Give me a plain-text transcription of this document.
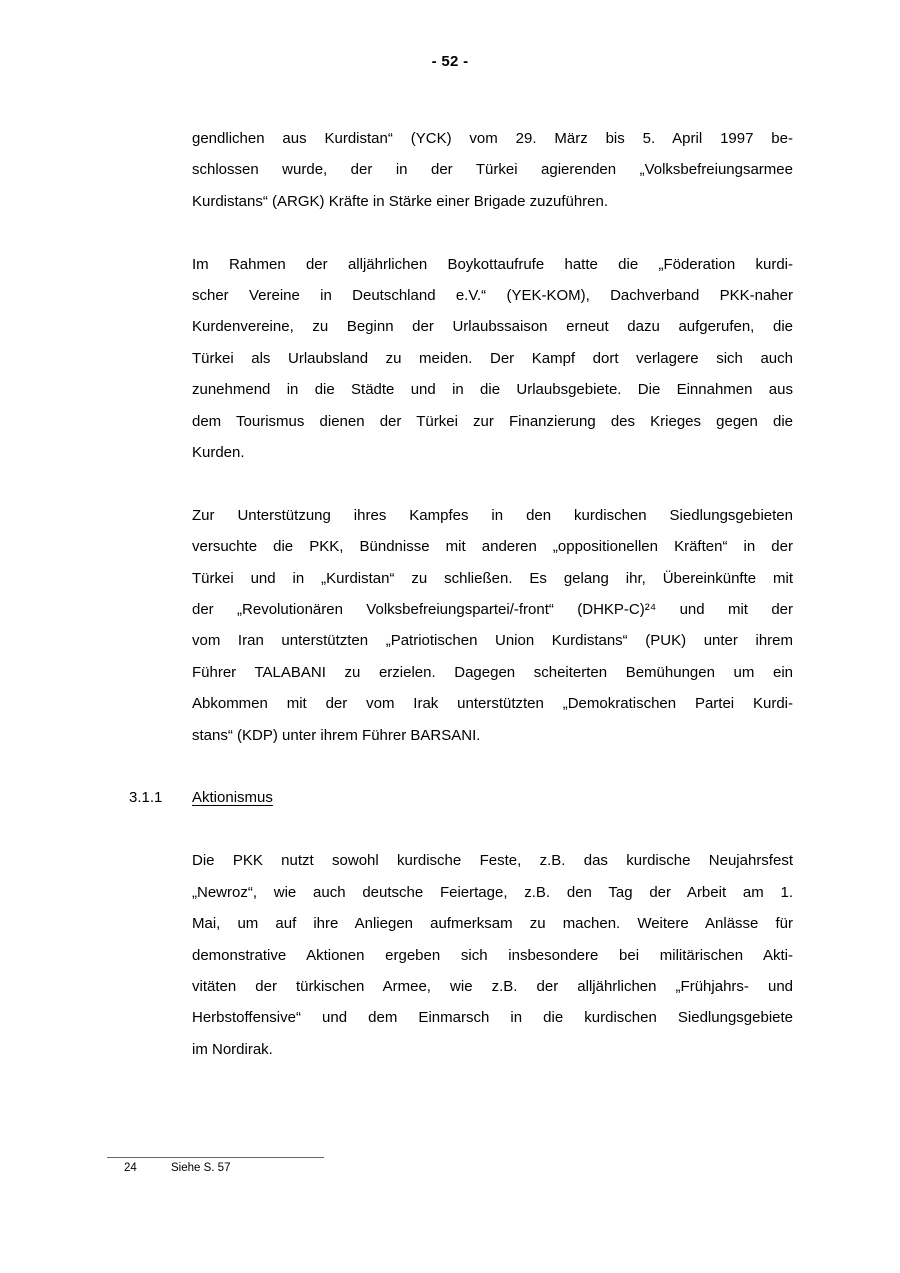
- 52 -
gendlichen aus Kurdistan“ (YCK) vom 29. März bis 5. April 1997 be-
schlossen wurde, der in der Türkei agierenden „Volksbefreiungsarmee
Kurdistans“ (ARGK) Kräfte in Stärke einer Brigade zuzuführen.
Im Rahmen der alljährlichen Boykottaufrufe hatte die „Föderation kurdi-
scher Vereine in Deutschland e.V.“ (YEK-KOM), Dachverband PKK-naher
Kurdenvereine, zu Beginn der Urlaubssaison erneut dazu aufgerufen, die
Türkei als Urlaubsland zu meiden. Der Kampf dort verlagere sich auch
zunehmend in die Städte und in die Urlaubsgebiete. Die Einnahmen aus
dem Tourismus dienen der Türkei zur Finanzierung des Krieges gegen die
Kurden.
Zur Unterstützung ihres Kampfes in den kurdischen Siedlungsgebieten
versuchte die PKK, Bündnisse mit anderen „oppositionellen Kräften“ in der
Türkei und in „Kurdistan“ zu schließen. Es gelang ihr, Übereinkünfte mit
der „Revolutionären Volksbefreiungspartei/-front“ (DHKP-C)²⁴ und mit der
vom Iran unterstützten „Patriotischen Union Kurdistans“ (PUK) unter ihrem
Führer TALABANI zu erzielen. Dagegen scheiterten Bemühungen um ein
Abkommen mit der vom Irak unterstützten „Demokratischen Partei Kurdi-
stans“ (KDP) unter ihrem Führer BARSANI.
3.1.1 Aktionismus
Die PKK nutzt sowohl kurdische Feste, z.B. das kurdische Neujahrsfest
„Newroz“, wie auch deutsche Feiertage, z.B. den Tag der Arbeit am 1.
Mai, um auf ihre Anliegen aufmerksam zu machen. Weitere Anlässe für
demonstrative Aktionen ergeben sich insbesondere bei militärischen Akti-
vitäten der türkischen Armee, wie z.B. der alljährlichen „Frühjahrs- und
Herbstoffensive“ und dem Einmarsch in die kurdischen Siedlungsgebiete
im Nordirak.
24	Siehe S. 57
